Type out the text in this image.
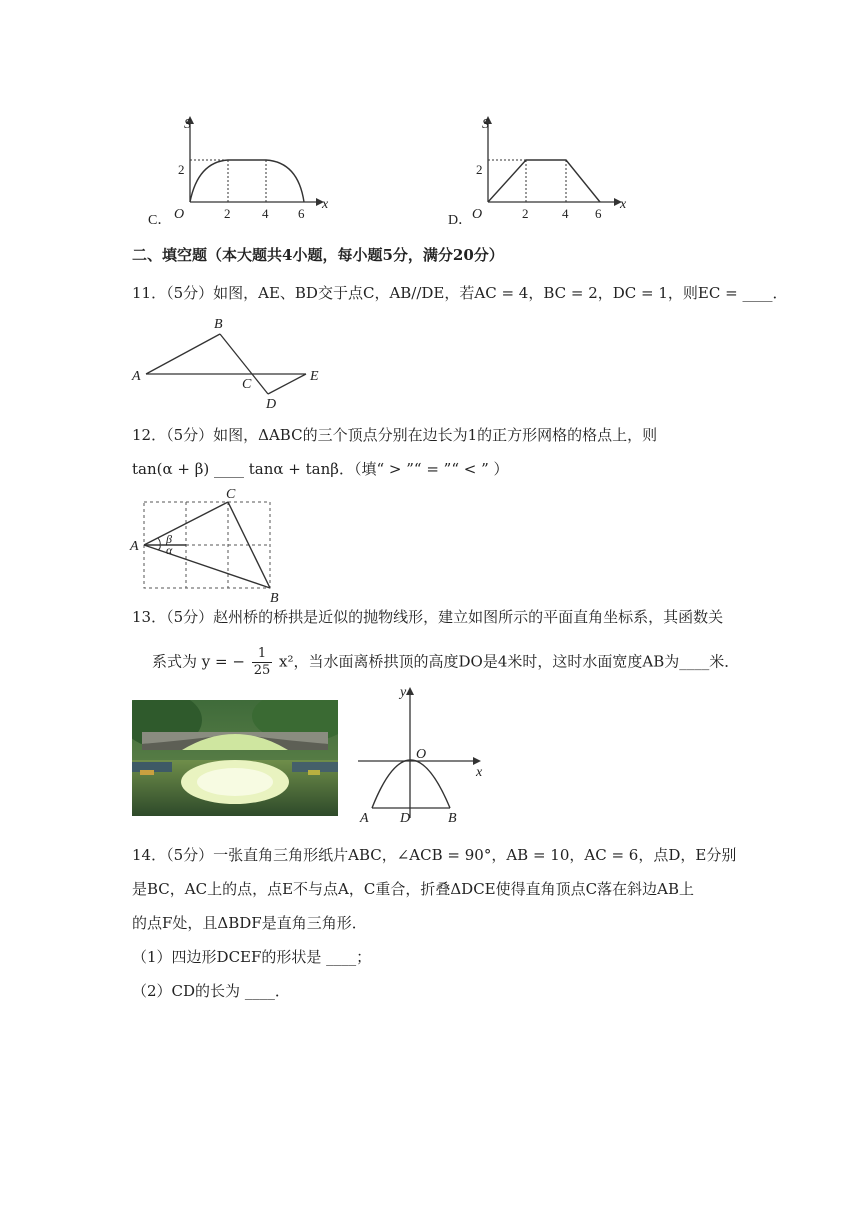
S
x
2
O	2 4 6
C．
S
x
2
O	2	4 6
D．
二、填空题（本大题共4小题，每小题5分，满分20分）
11．（5分）如图，AE、BD交于点C，AB//DE，若AC = 4，BC = 2，DC = 1，则EC = ____．
A
B
C
D
E
12．（5分）如图，ΔABC的三个顶点分别在边长为1的正方形网格的格点上，则
tan(α + β) ____ tanα + tanβ．（填“ > ”“ = ”“ < ” ）
A
C
B
β
α
13．（5分）赵州桥的桥拱是近似的抛物线形，建立如图所示的平面直角坐标系，其函数关
系式为 y = − $\frac{1}{25} x^2$，当水面离桥拱顶的高度DO是4米时，这时水面宽度AB为____米．
y
x
O
A D	B
14．（5分）一张直角三角形纸片ABC，∠ACB = 90°，AB = 10，AC = 6，点D，E分别
是BC，AC上的点，点E不与点A，C重合，折叠ΔDCE使得直角顶点C落在斜边AB上
的点F处，且ΔBDF是直角三角形．
（1）四边形DCEF的形状是 ____；
（2）CD的长为 ____．
